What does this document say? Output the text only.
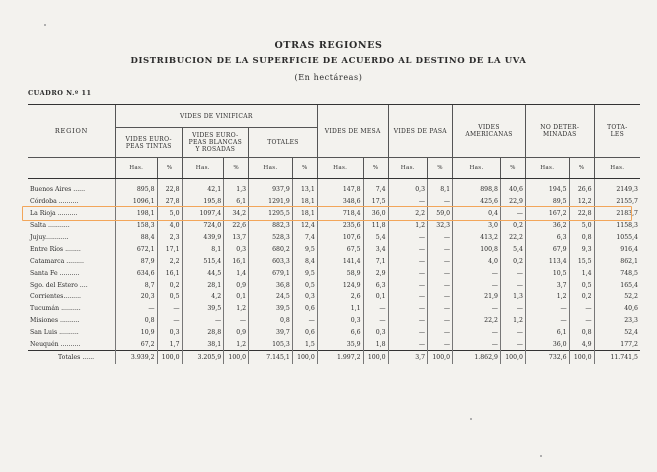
OTRAS REGIONES
DISTRIBUCION DE LA SUPERFICIE DE ACUERDO AL DESTINO DE LA UVA
(En hectáreas)
CUADRO N.º 11
REGION	VIDES DE VINIFICAR						VIDES DE MESA		VIDES DE PASA		VIDES
AMERICANAS		NO DETER-
MINADAS		TOTA-
LES
	VIDES EURO-
PEAS TINTAS		VIDES EURO-
PEAS BLANCAS
Y ROSADAS		TOTALES										
	Has.	%	Has.	%	Has.	%	Has.	%	Has.	%	Has.	%	Has.	%	Has.

Buenos Aires ......	895,8	22,8	42,1	1,3	937,9	13,1	147,8	7,4	0,3	8,1	898,8	40,6	194,5	26,6	2149,3
Córdoba ..........	1096,1	27,8	195,8	6,1	1291,9	18,1	348,6	17,5	—	—	425,6	22,9	89,5	12,2	2155,7
La Rioja ..........	198,1	5,0	1097,4	34,2	1295,5	18,1	718,4	36,0	2,2	59,0	0,4	—	167,2	22,8	2183,7
Salta ...........	158,3	4,0	724,0	22,6	882,3	12,4	235,6	11,8	1,2	32,3	3,0	0,2	36,2	5,0	1158,3
Jujuy............	88,4	2,3	439,9	13,7	528,3	7,4	107,6	5,4	—	—	413,2	22,2	6,3	0,8	1055,4
Entre Ríos ........	672,1	17,1	8,1	0,3	680,2	9,5	67,5	3,4	—	—	100,8	5,4	67,9	9,3	916,4
Catamarca .........	87,9	2,2	515,4	16,1	603,3	8,4	141,4	7,1	—	—	4,0	0,2	113,4	15,5	862,1
Santa Fe ..........	634,6	16,1	44,5	1,4	679,1	9,5	58,9	2,9	—	—	—	—	10,5	1,4	748,5
Sgo. del Estero ....	8,7	0,2	28,1	0,9	36,8	0,5	124,9	6,3	—	—	—	—	3,7	0,5	165,4
Corrientes.........	20,3	0,5	4,2	0,1	24,5	0,3	2,6	0,1	—	—	21,9	1,3	1,2	0,2	52,2
Tucumán ..........	—	—	39,5	1,2	39,5	0,6	1,1	—	—	—	—	—	—	—	40,6
Misiones ..........	0,8	—	—	—	0,8	—	0,3	—	—	—	22,2	1,2	—	—	23,3
San Luis ..........	10,9	0,3	28,8	0,9	39,7	0,6	6,6	0,3	—	—	—	—	6,1	0,8	52,4
Neuquén ..........	67,2	1,7	38,1	1,2	105,3	1,5	35,9	1,8	—	—	—	—	36,0	4,9	177,2
Totales ......	3.939,2	100,0	3.205,9	100,0	7.145,1	100,0	1.997,2	100,0	3,7	100,0	1.862,9	100,0	732,6	100,0	11.741,5
